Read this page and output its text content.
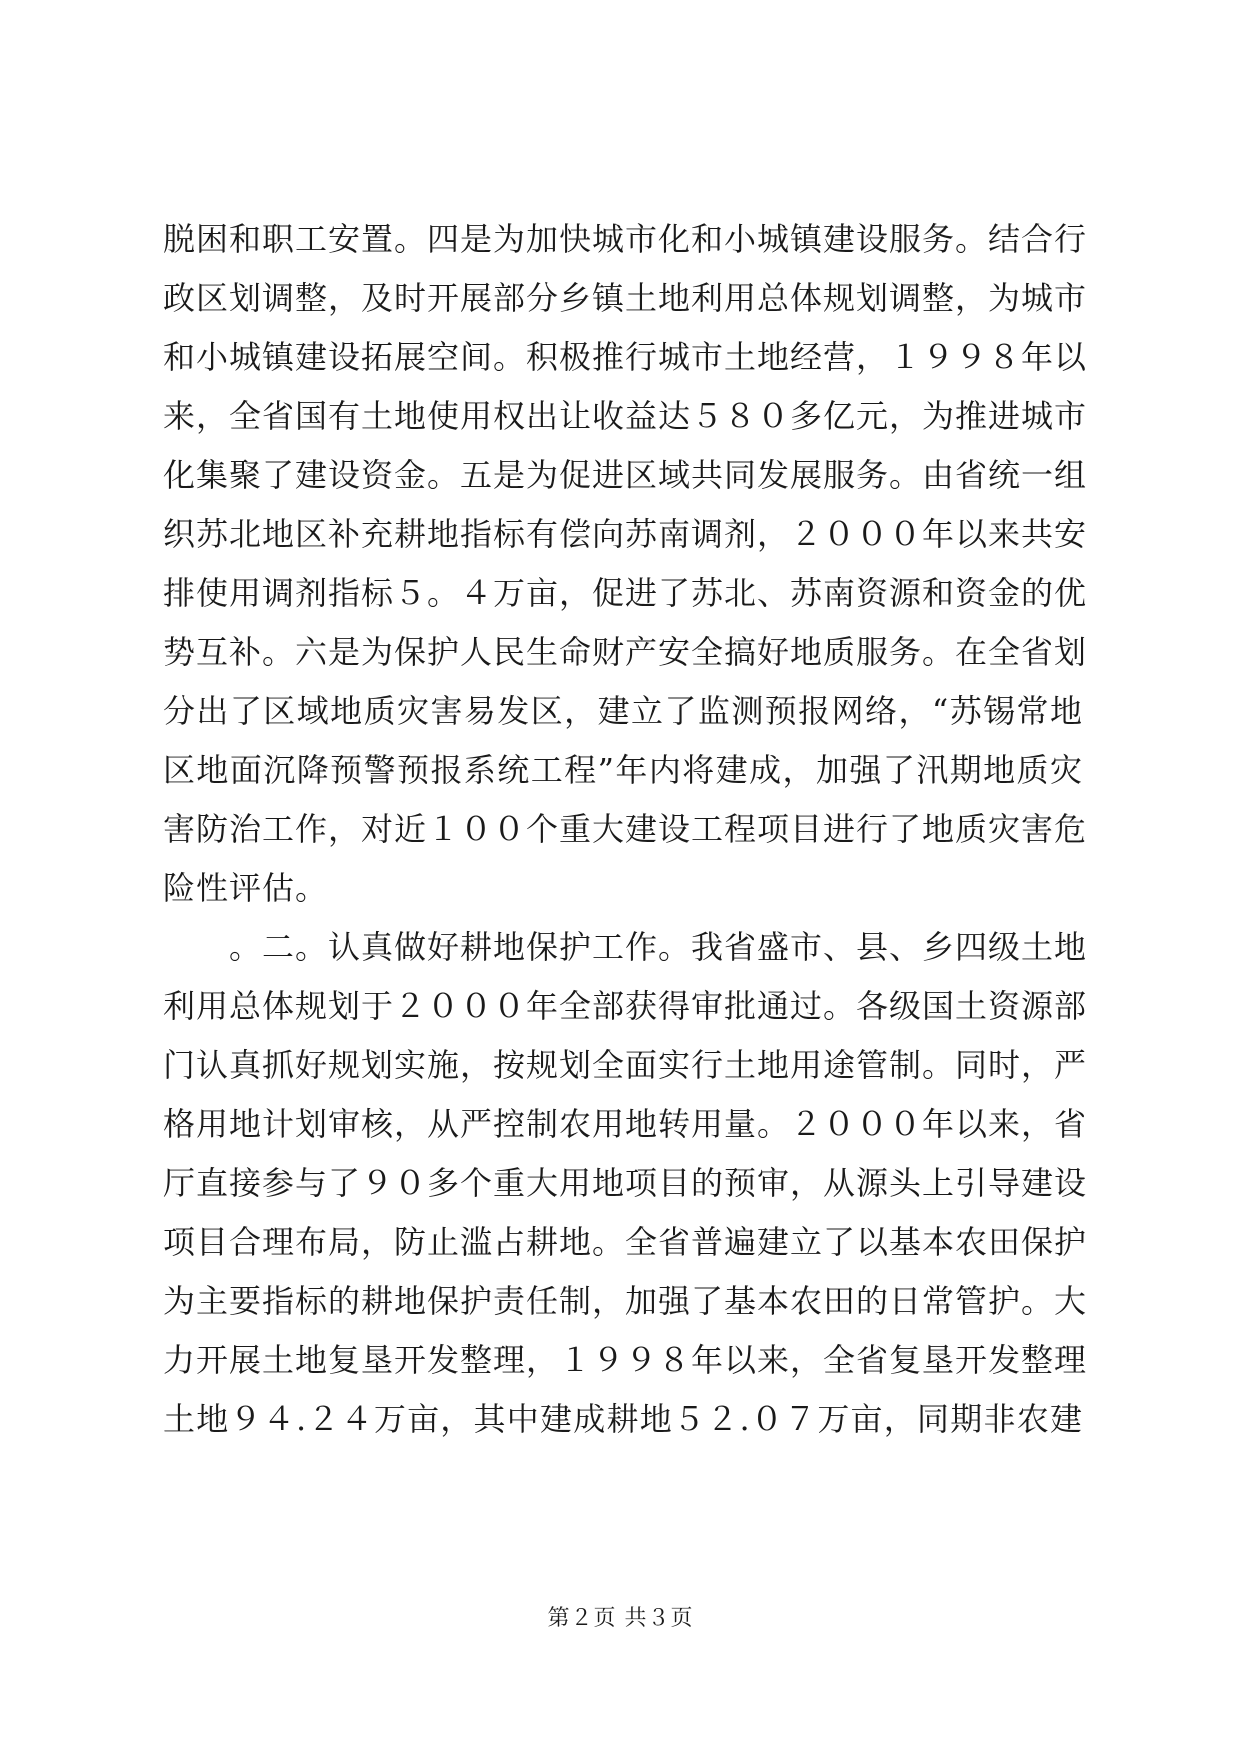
脱困和职工安置。四是为加快城市化和小城镇建设服务。结合行
政区划调整，及时开展部分乡镇土地利用总体规划调整，为城市
和小城镇建设拓展空间。积极推行城市土地经营，１９９８年以
来，全省国有土地使用权出让收益达５８０多亿元，为推进城市
化集聚了建设资金。五是为促进区域共同发展服务。由省统一组
织苏北地区补充耕地指标有偿向苏南调剂，２０００年以来共安
排使用调剂指标５。４万亩，促进了苏北、苏南资源和资金的优
势互补。六是为保护人民生命财产安全搞好地质服务。在全省划
分出了区域地质灾害易发区，建立了监测预报网络，“苏锡常地
区地面沉降预警预报系统工程”年内将建成，加强了汛期地质灾
害防治工作，对近１００个重大建设工程项目进行了地质灾害危
险性评估。
　　。二。认真做好耕地保护工作。我省盛市、县、乡四级土地
利用总体规划于２０００年全部获得审批通过。各级国土资源部
门认真抓好规划实施，按规划全面实行土地用途管制。同时，严
格用地计划审核，从严控制农用地转用量。２０００年以来，省
厅直接参与了９０多个重大用地项目的预审，从源头上引导建设
项目合理布局，防止滥占耕地。全省普遍建立了以基本农田保护
为主要指标的耕地保护责任制，加强了基本农田的日常管护。大
力开展土地复垦开发整理，１９９８年以来，全省复垦开发整理
土地９４.２４万亩，其中建成耕地５２.０７万亩，同期非农建
第２页 共３页
